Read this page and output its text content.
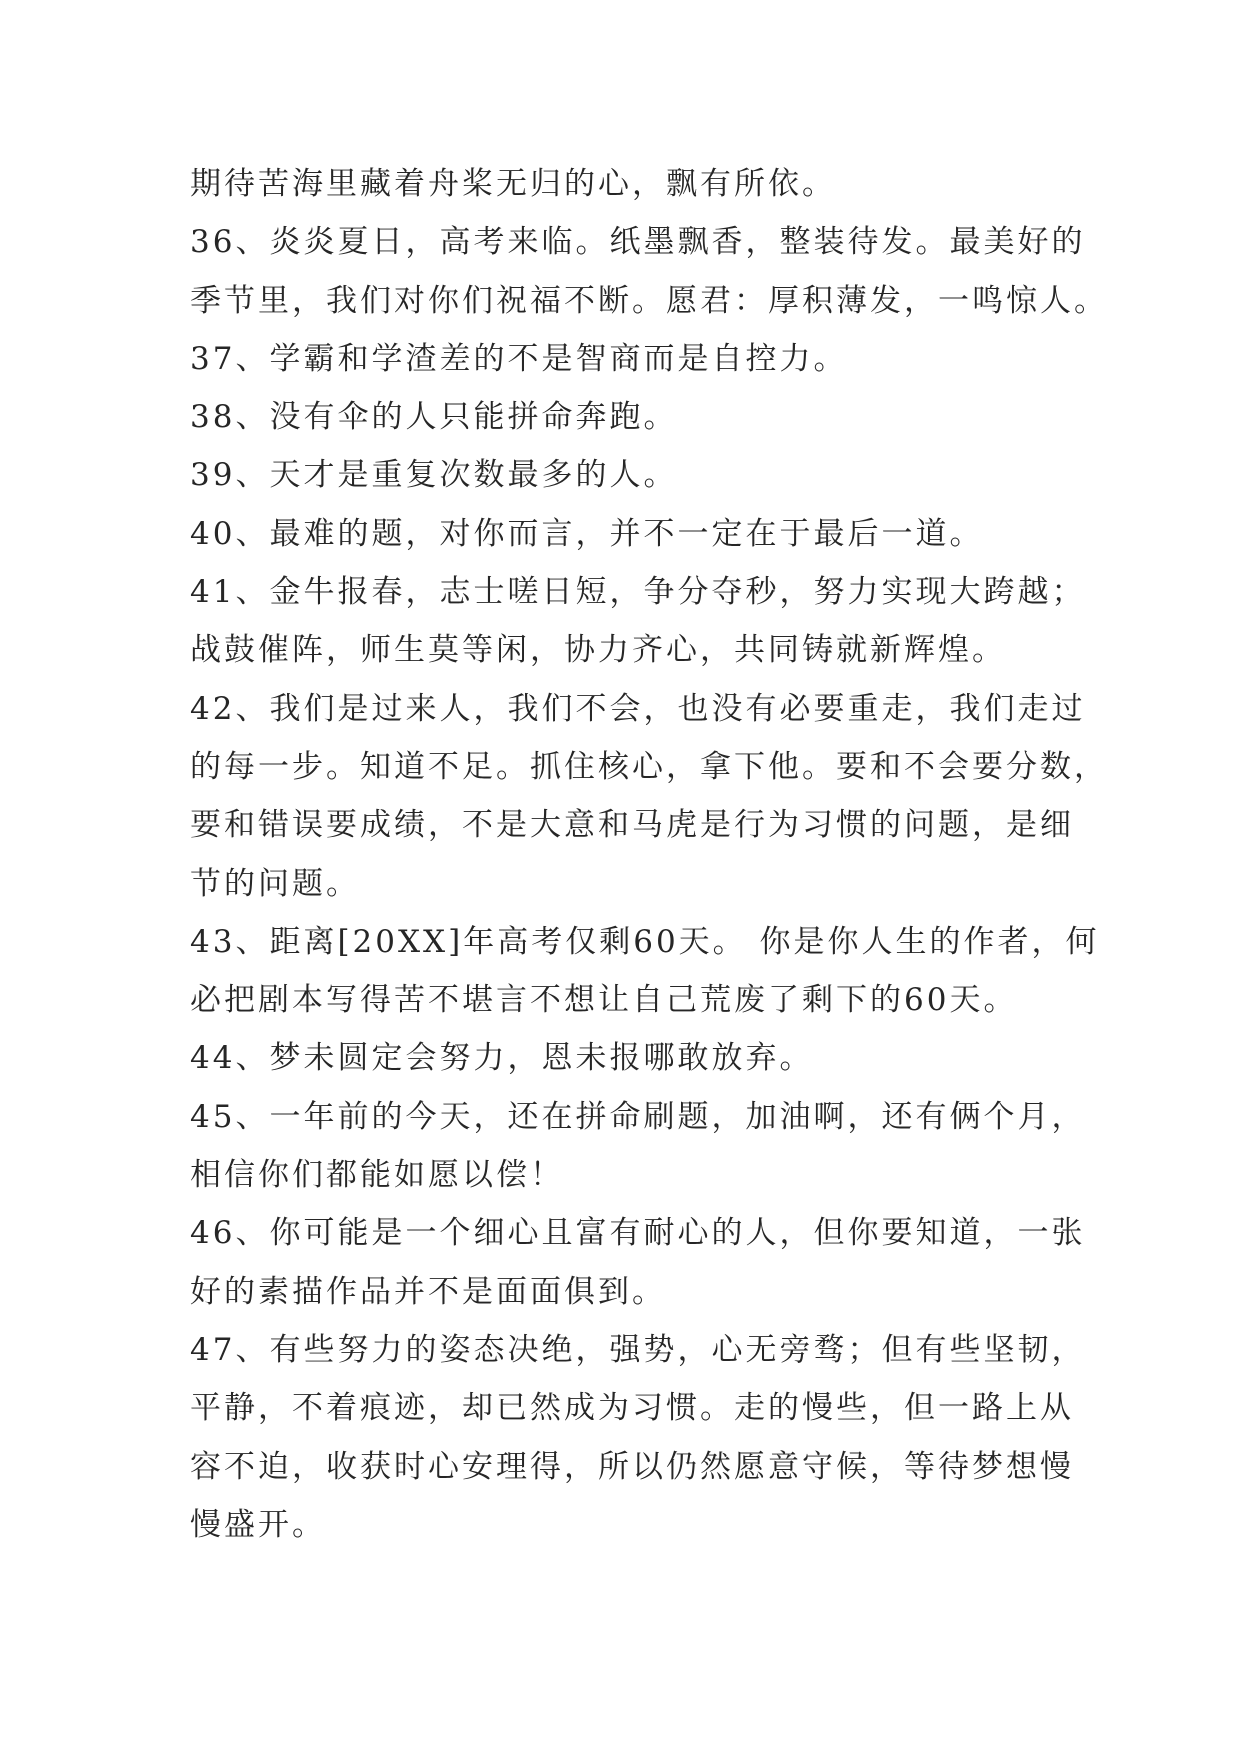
期待苦海里藏着舟桨无归的心，飘有所依。
36、炎炎夏日，高考来临。纸墨飘香，整装待发。最美好的
季节里，我们对你们祝福不断。愿君：厚积薄发，一鸣惊人。
37、学霸和学渣差的不是智商而是自控力。
38、没有伞的人只能拼命奔跑。
39、天才是重复次数最多的人。
40、最难的题，对你而言，并不一定在于最后一道。
41、金牛报春，志士嗟日短，争分夺秒，努力实现大跨越；
战鼓催阵，师生莫等闲，协力齐心，共同铸就新辉煌。
42、我们是过来人，我们不会，也没有必要重走，我们走过
的每一步。知道不足。抓住核心，拿下他。要和不会要分数，
要和错误要成绩，不是大意和马虎是行为习惯的问题，是细
节的问题。
43、距离[20XX]年高考仅剩60天。 你是你人生的作者，何
必把剧本写得苦不堪言不想让自己荒废了剩下的60天。
44、梦未圆定会努力，恩未报哪敢放弃。
45、一年前的今天，还在拼命刷题，加油啊，还有俩个月，
相信你们都能如愿以偿！
46、你可能是一个细心且富有耐心的人，但你要知道，一张
好的素描作品并不是面面俱到。
47、有些努力的姿态决绝，强势，心无旁骛；但有些坚韧，
平静，不着痕迹，却已然成为习惯。走的慢些，但一路上从
容不迫，收获时心安理得，所以仍然愿意守候，等待梦想慢
慢盛开。
